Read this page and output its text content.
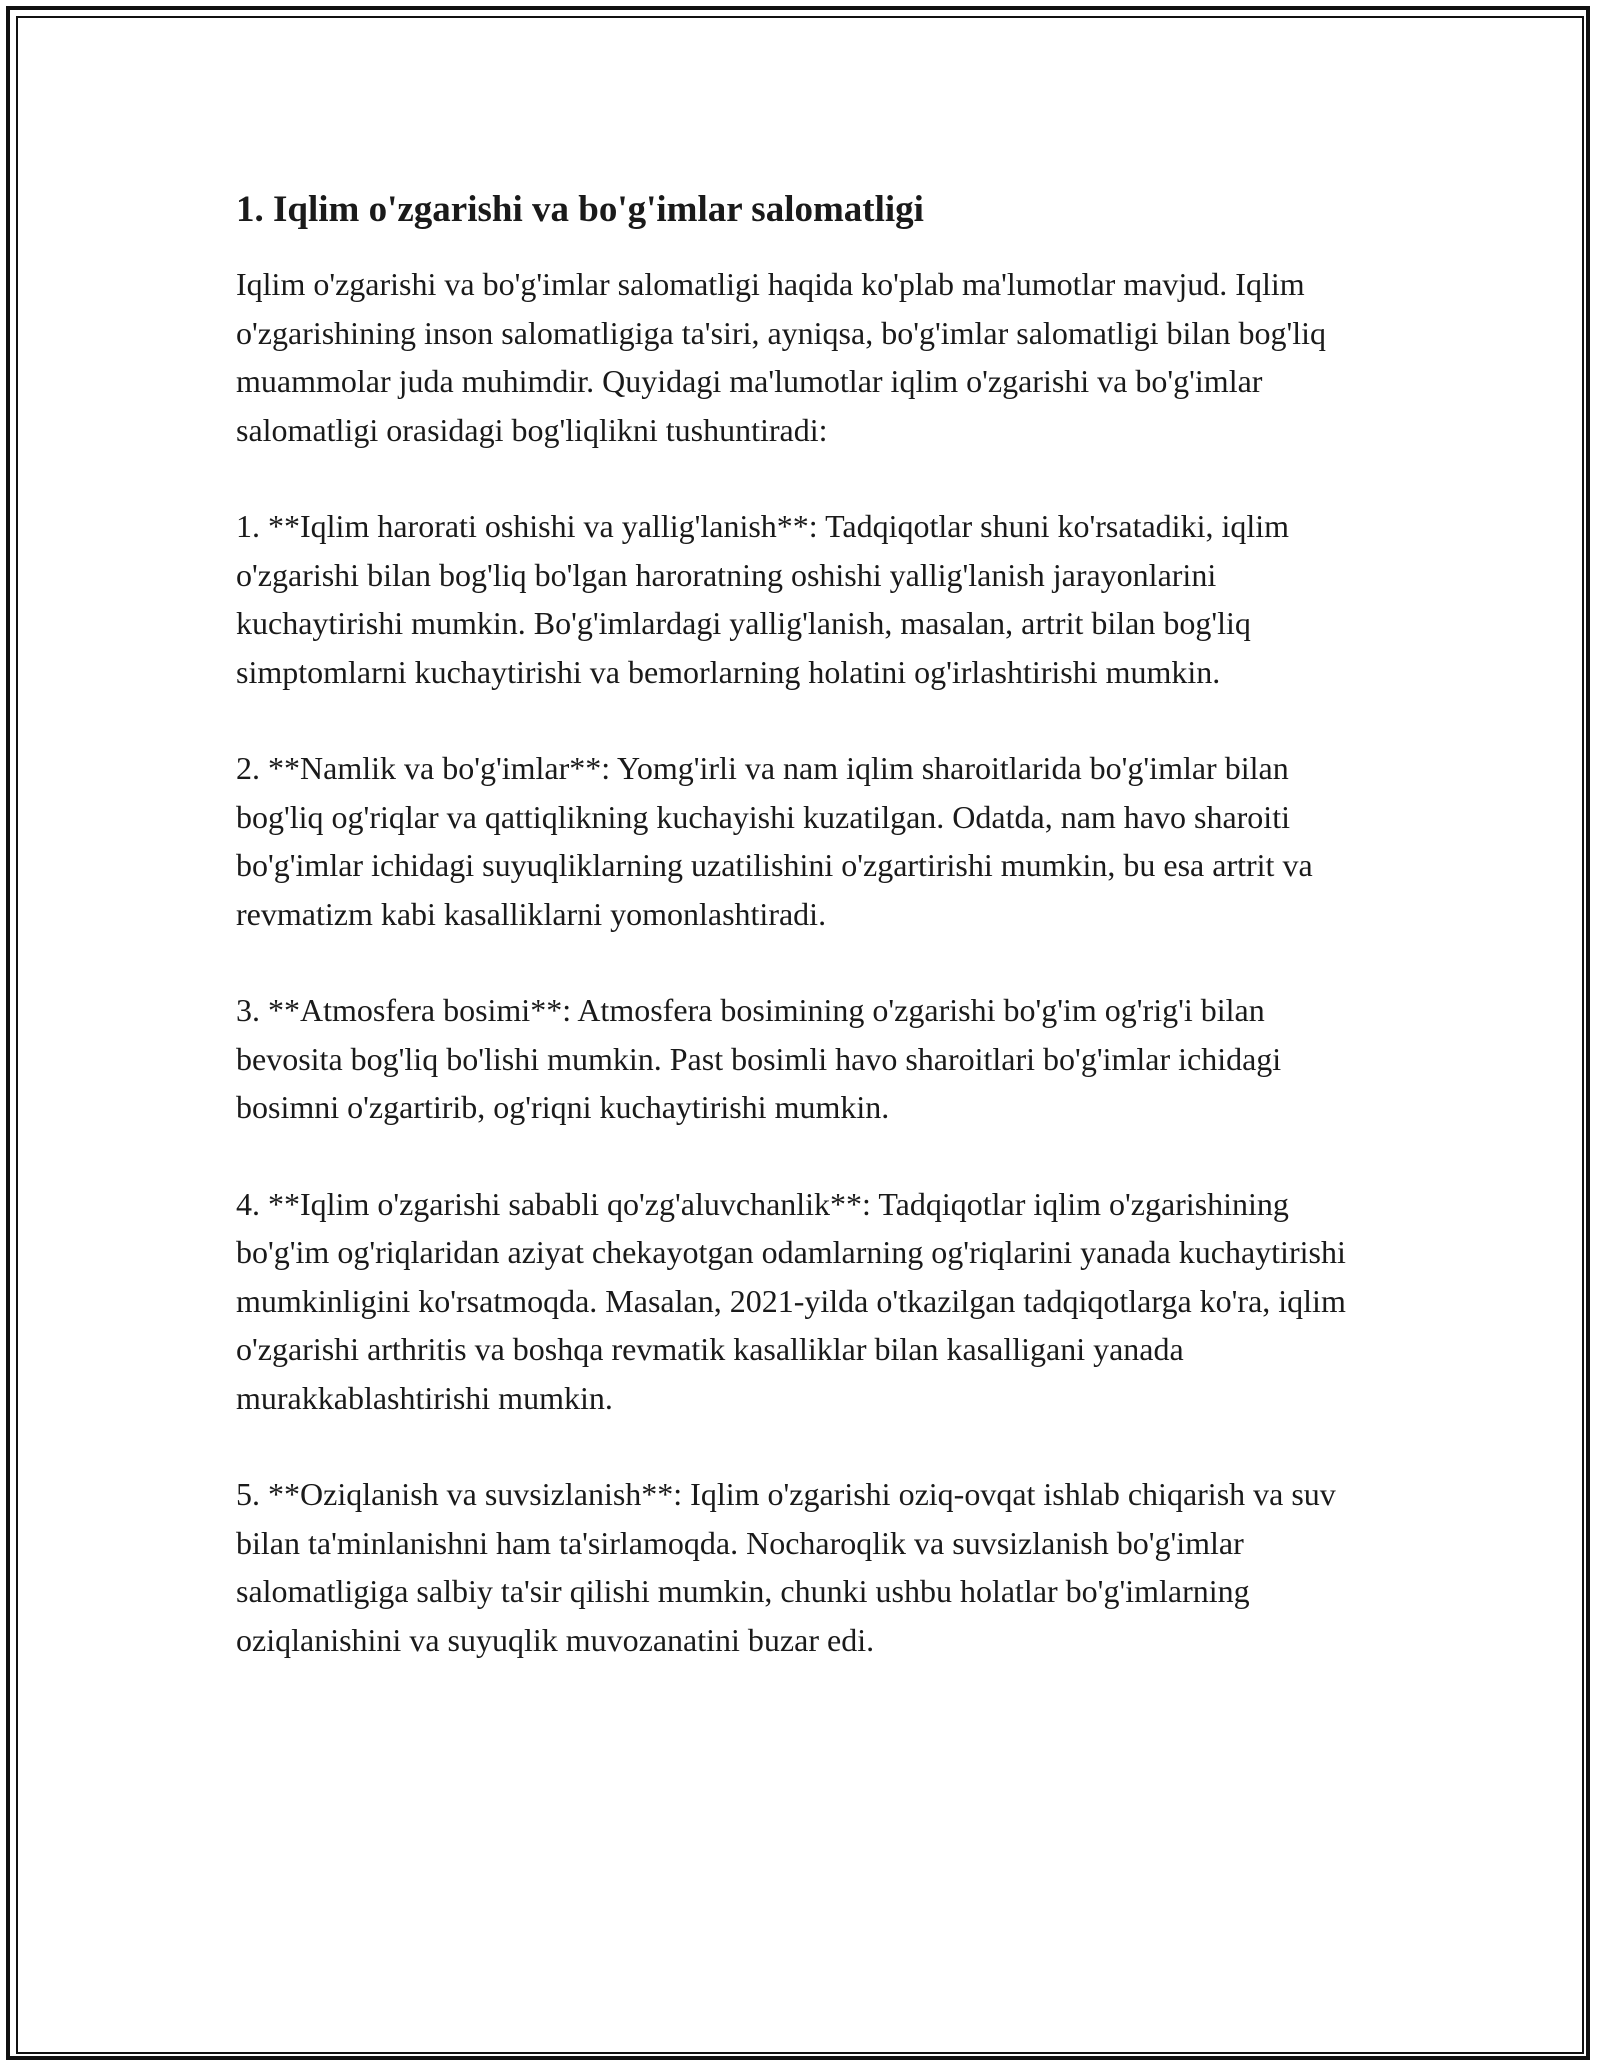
1. Iqlim o'zgarishi va bo'g'imlar salomatligi

Iqlim o'zgarishi va bo'g'imlar salomatligi haqida ko'plab ma'lumotlar mavjud. Iqlim o'zgarishining inson salomatligiga ta'siri, ayniqsa, bo'g'imlar salomatligi bilan bog'liq muammolar juda muhimdir. Quyidagi ma'lumotlar iqlim o'zgarishi va bo'g'imlar salomatligi orasidagi bog'liqlikni tushuntiradi:

1. **Iqlim harorati oshishi va yallig'lanish**: Tadqiqotlar shuni ko'rsatadiki, iqlim o'zgarishi bilan bog'liq bo'lgan haroratning oshishi yallig'lanish jarayonlarini kuchaytirishi mumkin. Bo'g'imlardagi yallig'lanish, masalan, artrit bilan bog'liq simptomlarni kuchaytirishi va bemorlarning holatini og'irlashtirishi mumkin.

2. **Namlik va bo'g'imlar**: Yomg'irli va nam iqlim sharoitlarida bo'g'imlar bilan bog'liq og'riqlar va qattiqlikning kuchayishi kuzatilgan. Odatda, nam havo sharoiti bo'g'imlar ichidagi suyuqliklarning uzatilishini o'zgartirishi mumkin, bu esa artrit va revmatizm kabi kasalliklarni yomonlashtiradi.

3. **Atmosfera bosimi**: Atmosfera bosimining o'zgarishi bo'g'im og'rig'i bilan bevosita bog'liq bo'lishi mumkin. Past bosimli havo sharoitlari bo'g'imlar ichidagi bosimni o'zgartirib, og'riqni kuchaytirishi mumkin.

4. **Iqlim o'zgarishi sababli qo'zg'aluvchanlik**: Tadqiqotlar iqlim o'zgarishining bo'g'im og'riqlaridan aziyat chekayotgan odamlarning og'riqlarini yanada kuchaytirishi mumkinligini ko'rsatmoqda. Masalan, 2021-yilda o'tkazilgan tadqiqotlarga ko'ra, iqlim o'zgarishi arthritis va boshqa revmatik kasalliklar bilan kasalligani yanada murakkablashtirishi mumkin.

5. **Oziqlanish va suvsizlanish**: Iqlim o'zgarishi oziq-ovqat ishlab chiqarish va suv bilan ta'minlanishni ham ta'sirlamoqda. Nocharoqlik va suvsizlanish bo'g'imlar salomatligiga salbiy ta'sir qilishi mumkin, chunki ushbu holatlar bo'g'imlarning oziqlanishini va suyuqlik muvozanatini buzar edi.
